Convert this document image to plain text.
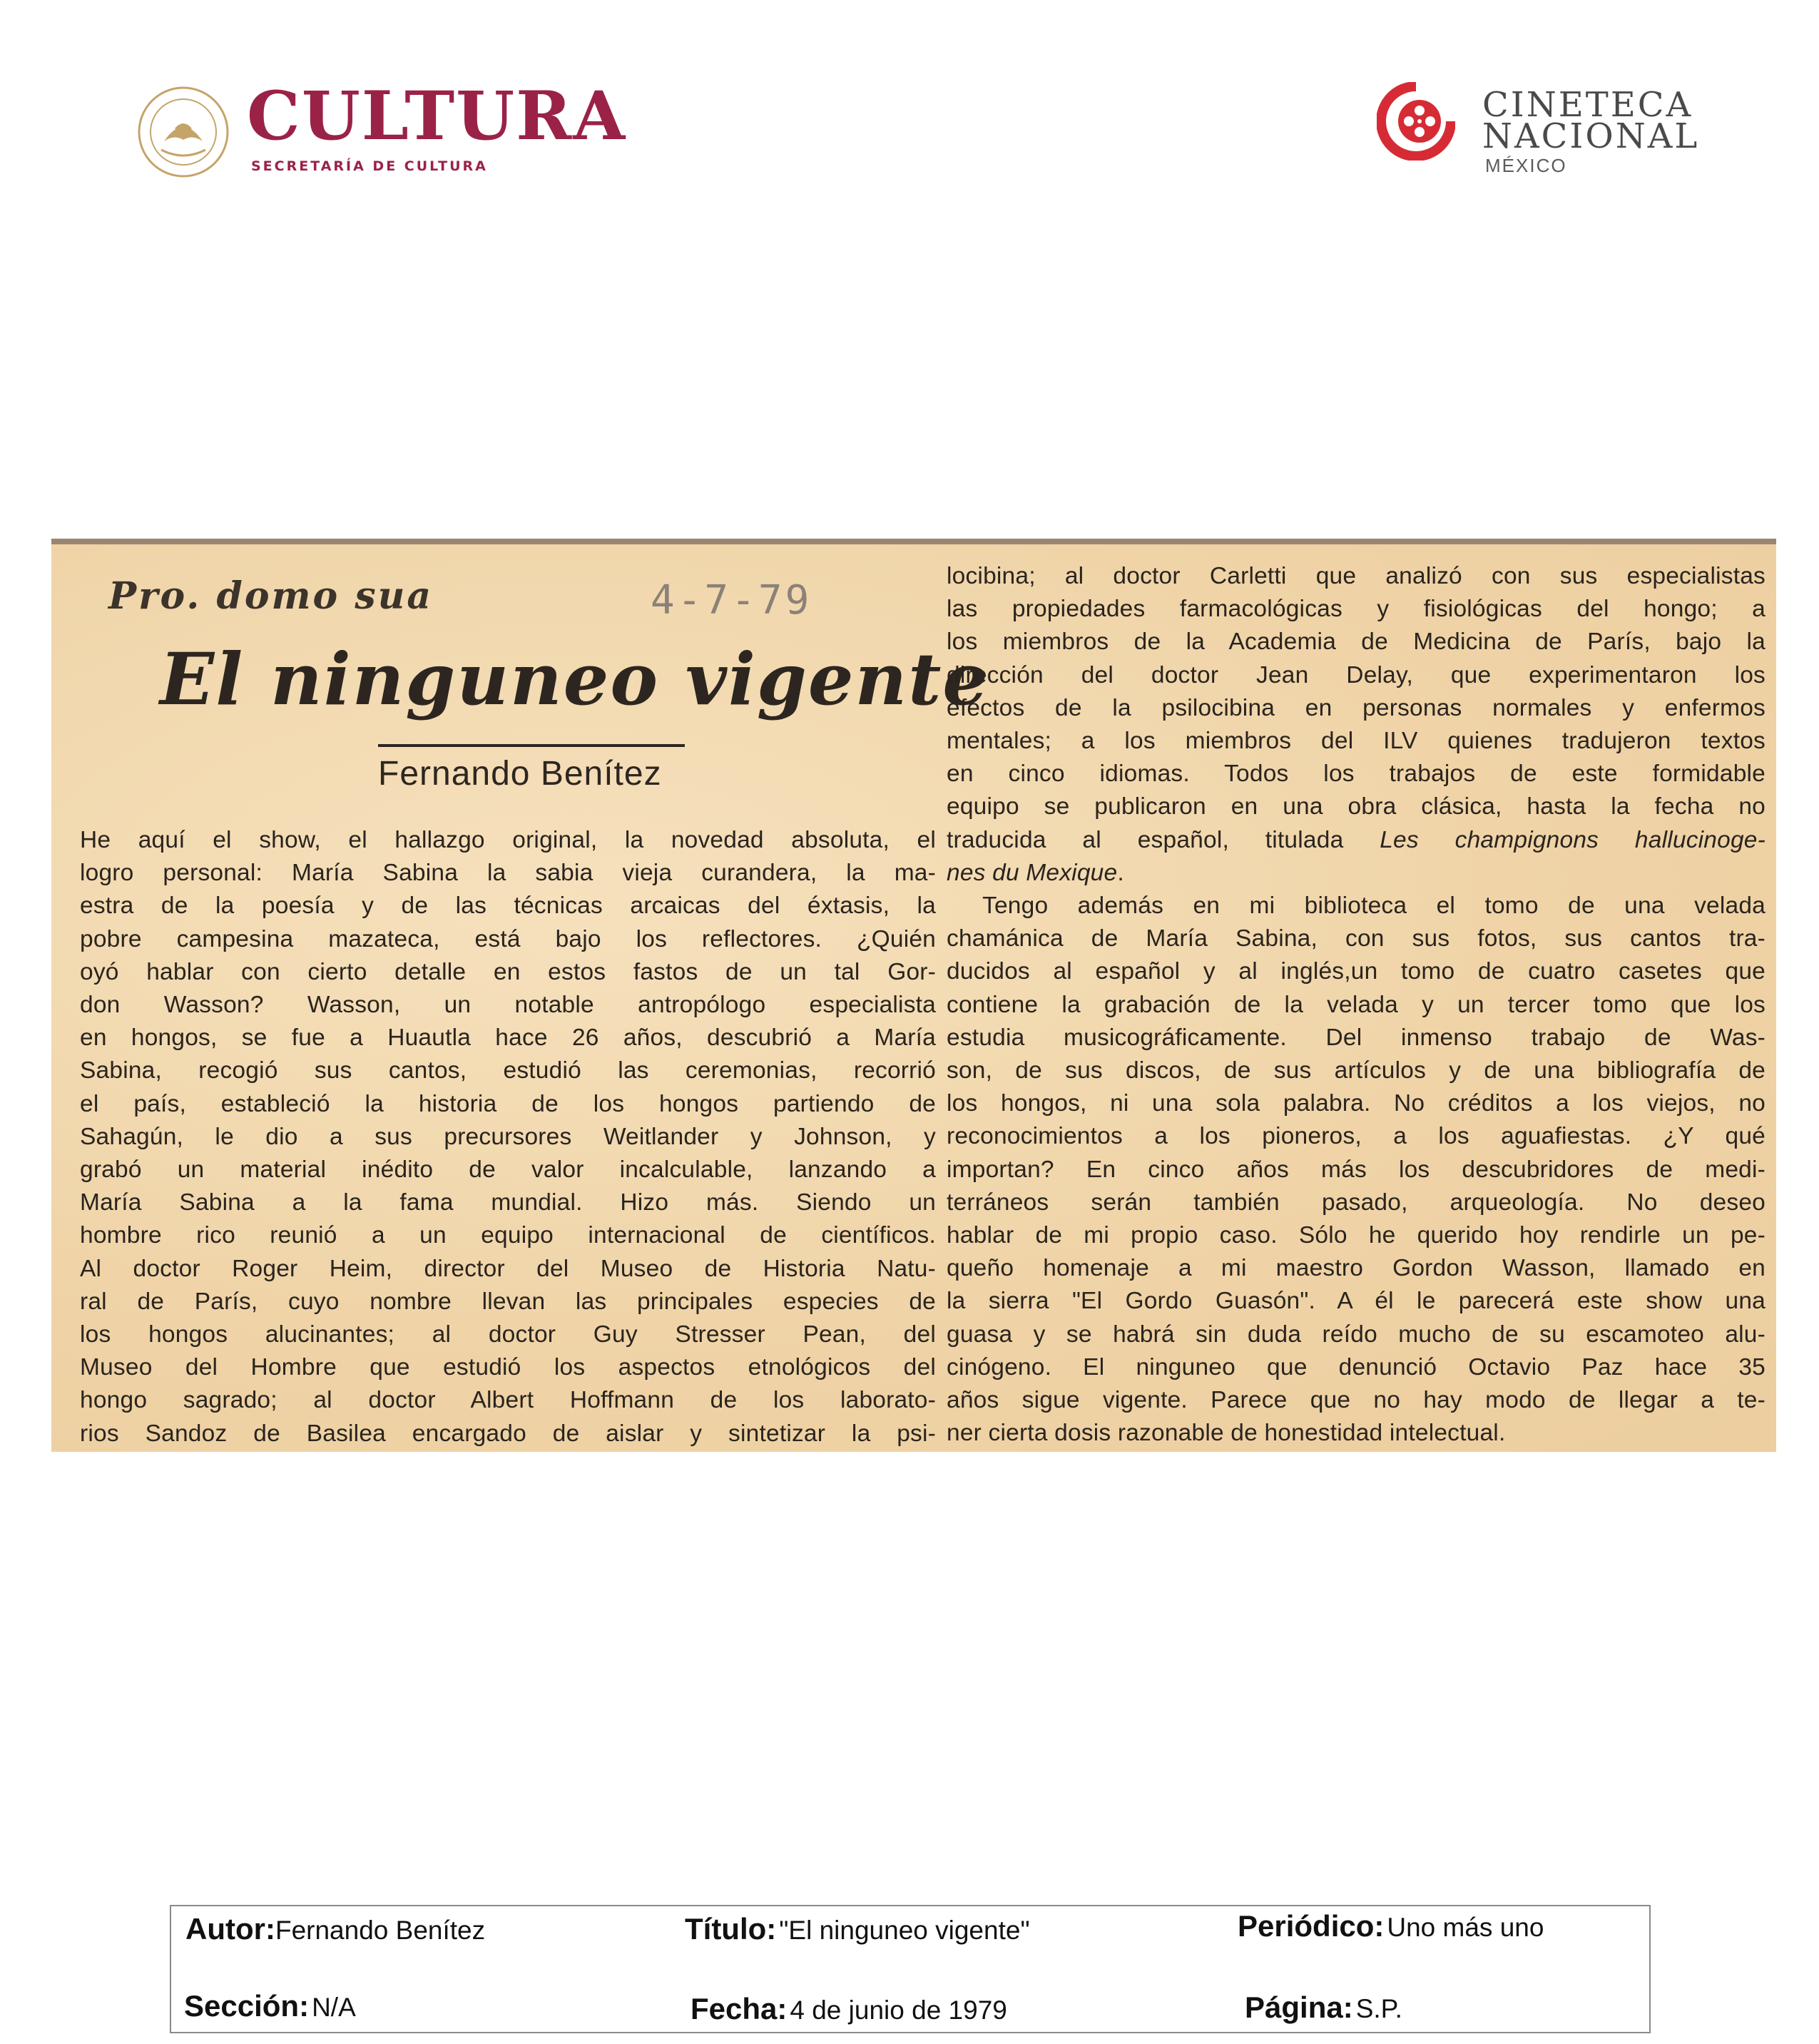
CULTURA
SECRETARÍA DE CULTURA
CINETECA
NACIONAL
MÉXICO
Pro. domo sua	4-7-79
El ninguneo vigente
Fernando Benítez
He aquí el show, el hallazgo original, la novedad absoluta, el
logro personal: María Sabina la sabia vieja curandera, la ma-
estra de la poesía y de las técnicas arcaicas del éxtasis, la
pobre campesina mazateca, está bajo los reflectores. ¿Quién
oyó hablar con cierto detalle en estos fastos de un tal Gor-
don Wasson? Wasson, un notable antropólogo especialista
en hongos, se fue a Huautla hace 26 años, descubrió a María
Sabina, recogió sus cantos, estudió las ceremonias, recorrió
el país, estableció la historia de los hongos partiendo de
Sahagún, le dio a sus precursores Weitlander y Johnson, y
grabó un material inédito de valor incalculable, lanzando a
María Sabina a la fama mundial. Hizo más. Siendo un
hombre rico reunió a un equipo internacional de científicos.
Al doctor Roger Heim, director del Museo de Historia Natu-
ral de París, cuyo nombre llevan las principales especies de
los hongos alucinantes; al doctor Guy Stresser Pean, del
Museo del Hombre que estudió los aspectos etnológicos del
hongo sagrado; al doctor Albert Hoffmann de los laborato-
rios Sandoz de Basilea encargado de aislar y sintetizar la psi-
locibina; al doctor Carletti que analizó con sus especialistas
las propiedades farmacológicas y fisiológicas del hongo; a
los miembros de la Academia de Medicina de París, bajo la
dirección del doctor Jean Delay, que experimentaron los
efectos de la psilocibina en personas normales y enfermos
mentales; a los miembros del ILV quienes tradujeron textos
en cinco idiomas. Todos los trabajos de este formidable
equipo se publicaron en una obra clásica, hasta la fecha no
traducida al español, titulada Les champignons hallucinoge-
nes du Mexique.
Tengo además en mi biblioteca el tomo de una velada
chamánica de María Sabina, con sus fotos, sus cantos tra-
ducidos al español y al inglés,un tomo de cuatro casetes que
contiene la grabación de la velada y un tercer tomo que los
estudia musicográficamente. Del inmenso trabajo de Was-
son, de sus discos, de sus artículos y de una bibliografía de
los hongos, ni una sola palabra. No créditos a los viejos, no
reconocimientos a los pioneros, a los aguafiestas. ¿Y qué
importan? En cinco años más los descubridores de medi-
terráneos serán también pasado, arqueología. No deseo
hablar de mi propio caso. Sólo he querido hoy rendirle un pe-
queño homenaje a mi maestro Gordon Wasson, llamado en
la sierra "El Gordo Guasón". A él le parecerá este show una
guasa y se habrá sin duda reído mucho de su escamoteo alu-
cinógeno. El ninguneo que denunció Octavio Paz hace 35
años sigue vigente. Parece que no hay modo de llegar a te-
ner cierta dosis razonable de honestidad intelectual.
Autor:Fernando Benítez	Título: "El ninguneo vigente"	Periódico: Uno más uno
Sección: N/A	Fecha: 4 de junio de 1979	Página: S.P.
